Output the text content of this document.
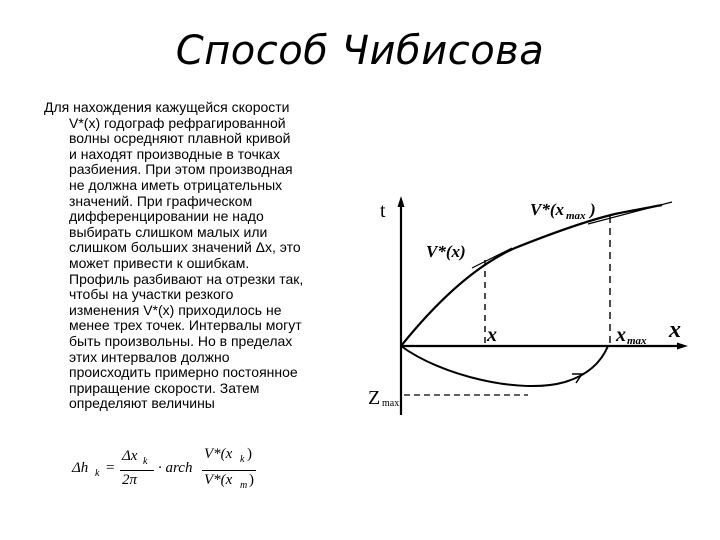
Способ Чибисова
Для нахождения кажущейся скорости
V*(x) годограф рефрагированной
волны осредняют плавной кривой
и находят производные в точках
разбиения. При этом производная
не должна иметь отрицательных
значений. При графическом
дифференцировании не надо
выбирать слишком малых или
слишком больших значений Δx, это
может привести к ошибкам.
Профиль разбивают на отрезки так,
чтобы на участки резкого
изменения V*(x) приходилось не
менее трех точек. Интервалы могут
быть произвольны. Но в пределах
этих интервалов должно
происходить примерно постоянное
приращение скорости. Затем
определяют величины
Δh k =
Δx k
2π
· arch
V*(x k )
V*(x m )
t
x
Z max
x	x max
V*(x)
V*(x max )
